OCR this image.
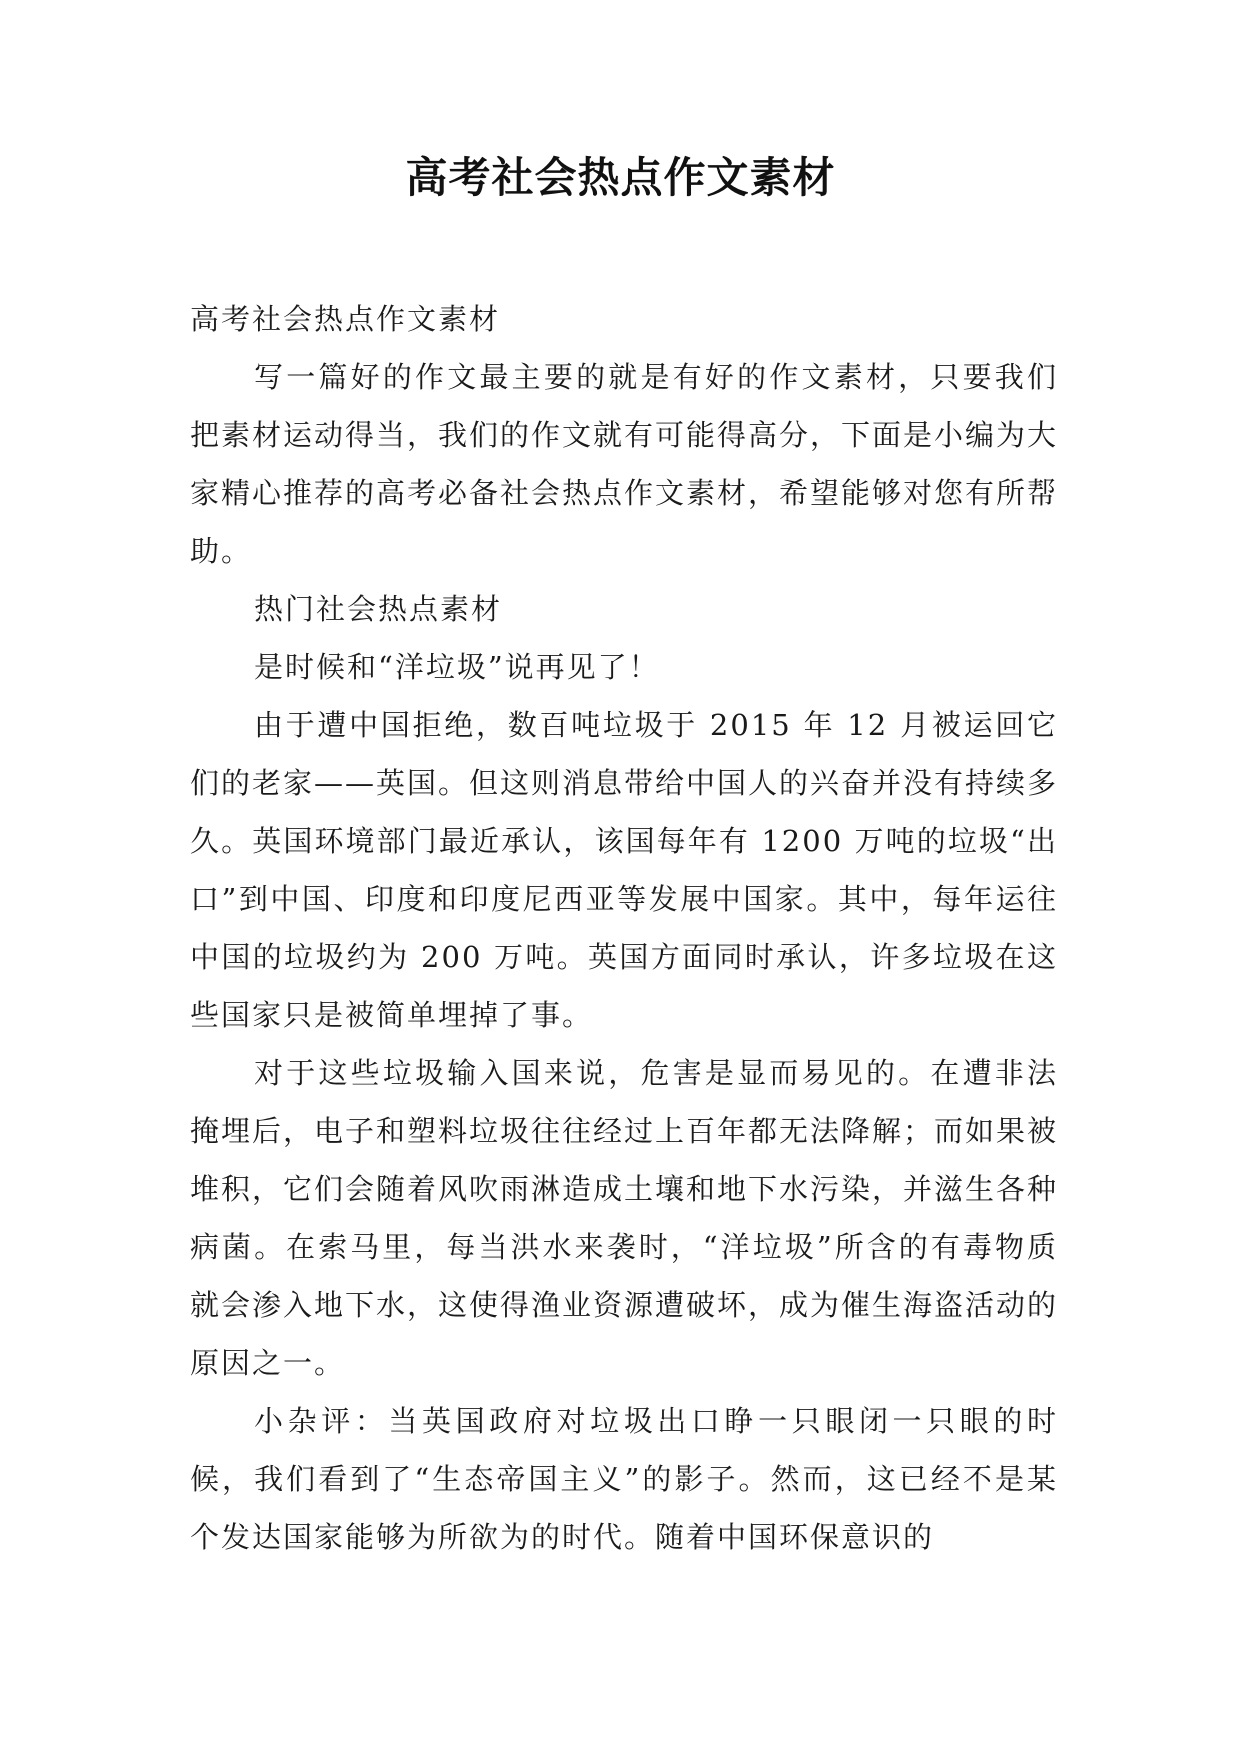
高考社会热点作文素材

高考社会热点作文素材

写一篇好的作文最主要的就是有好的作文素材，只要我们把素材运动得当，我们的作文就有可能得高分，下面是小编为大家精心推荐的高考必备社会热点作文素材，希望能够对您有所帮助。

热门社会热点素材

是时候和“洋垃圾”说再见了！

由于遭中国拒绝，数百吨垃圾于 2015 年 12 月被运回它们的老家——英国。但这则消息带给中国人的兴奋并没有持续多久。英国环境部门最近承认，该国每年有 1200 万吨的垃圾“出口”到中国、印度和印度尼西亚等发展中国家。其中，每年运往中国的垃圾约为 200 万吨。英国方面同时承认，许多垃圾在这些国家只是被简单埋掉了事。

对于这些垃圾输入国来说，危害是显而易见的。在遭非法掩埋后，电子和塑料垃圾往往经过上百年都无法降解；而如果被堆积，它们会随着风吹雨淋造成土壤和地下水污染，并滋生各种病菌。在索马里，每当洪水来袭时，“洋垃圾”所含的有毒物质就会渗入地下水，这使得渔业资源遭破坏，成为催生海盗活动的原因之一。

小杂评：当英国政府对垃圾出口睁一只眼闭一只眼的时候，我们看到了“生态帝国主义”的影子。然而，这已经不是某个发达国家能够为所欲为的时代。随着中国环保意识的
